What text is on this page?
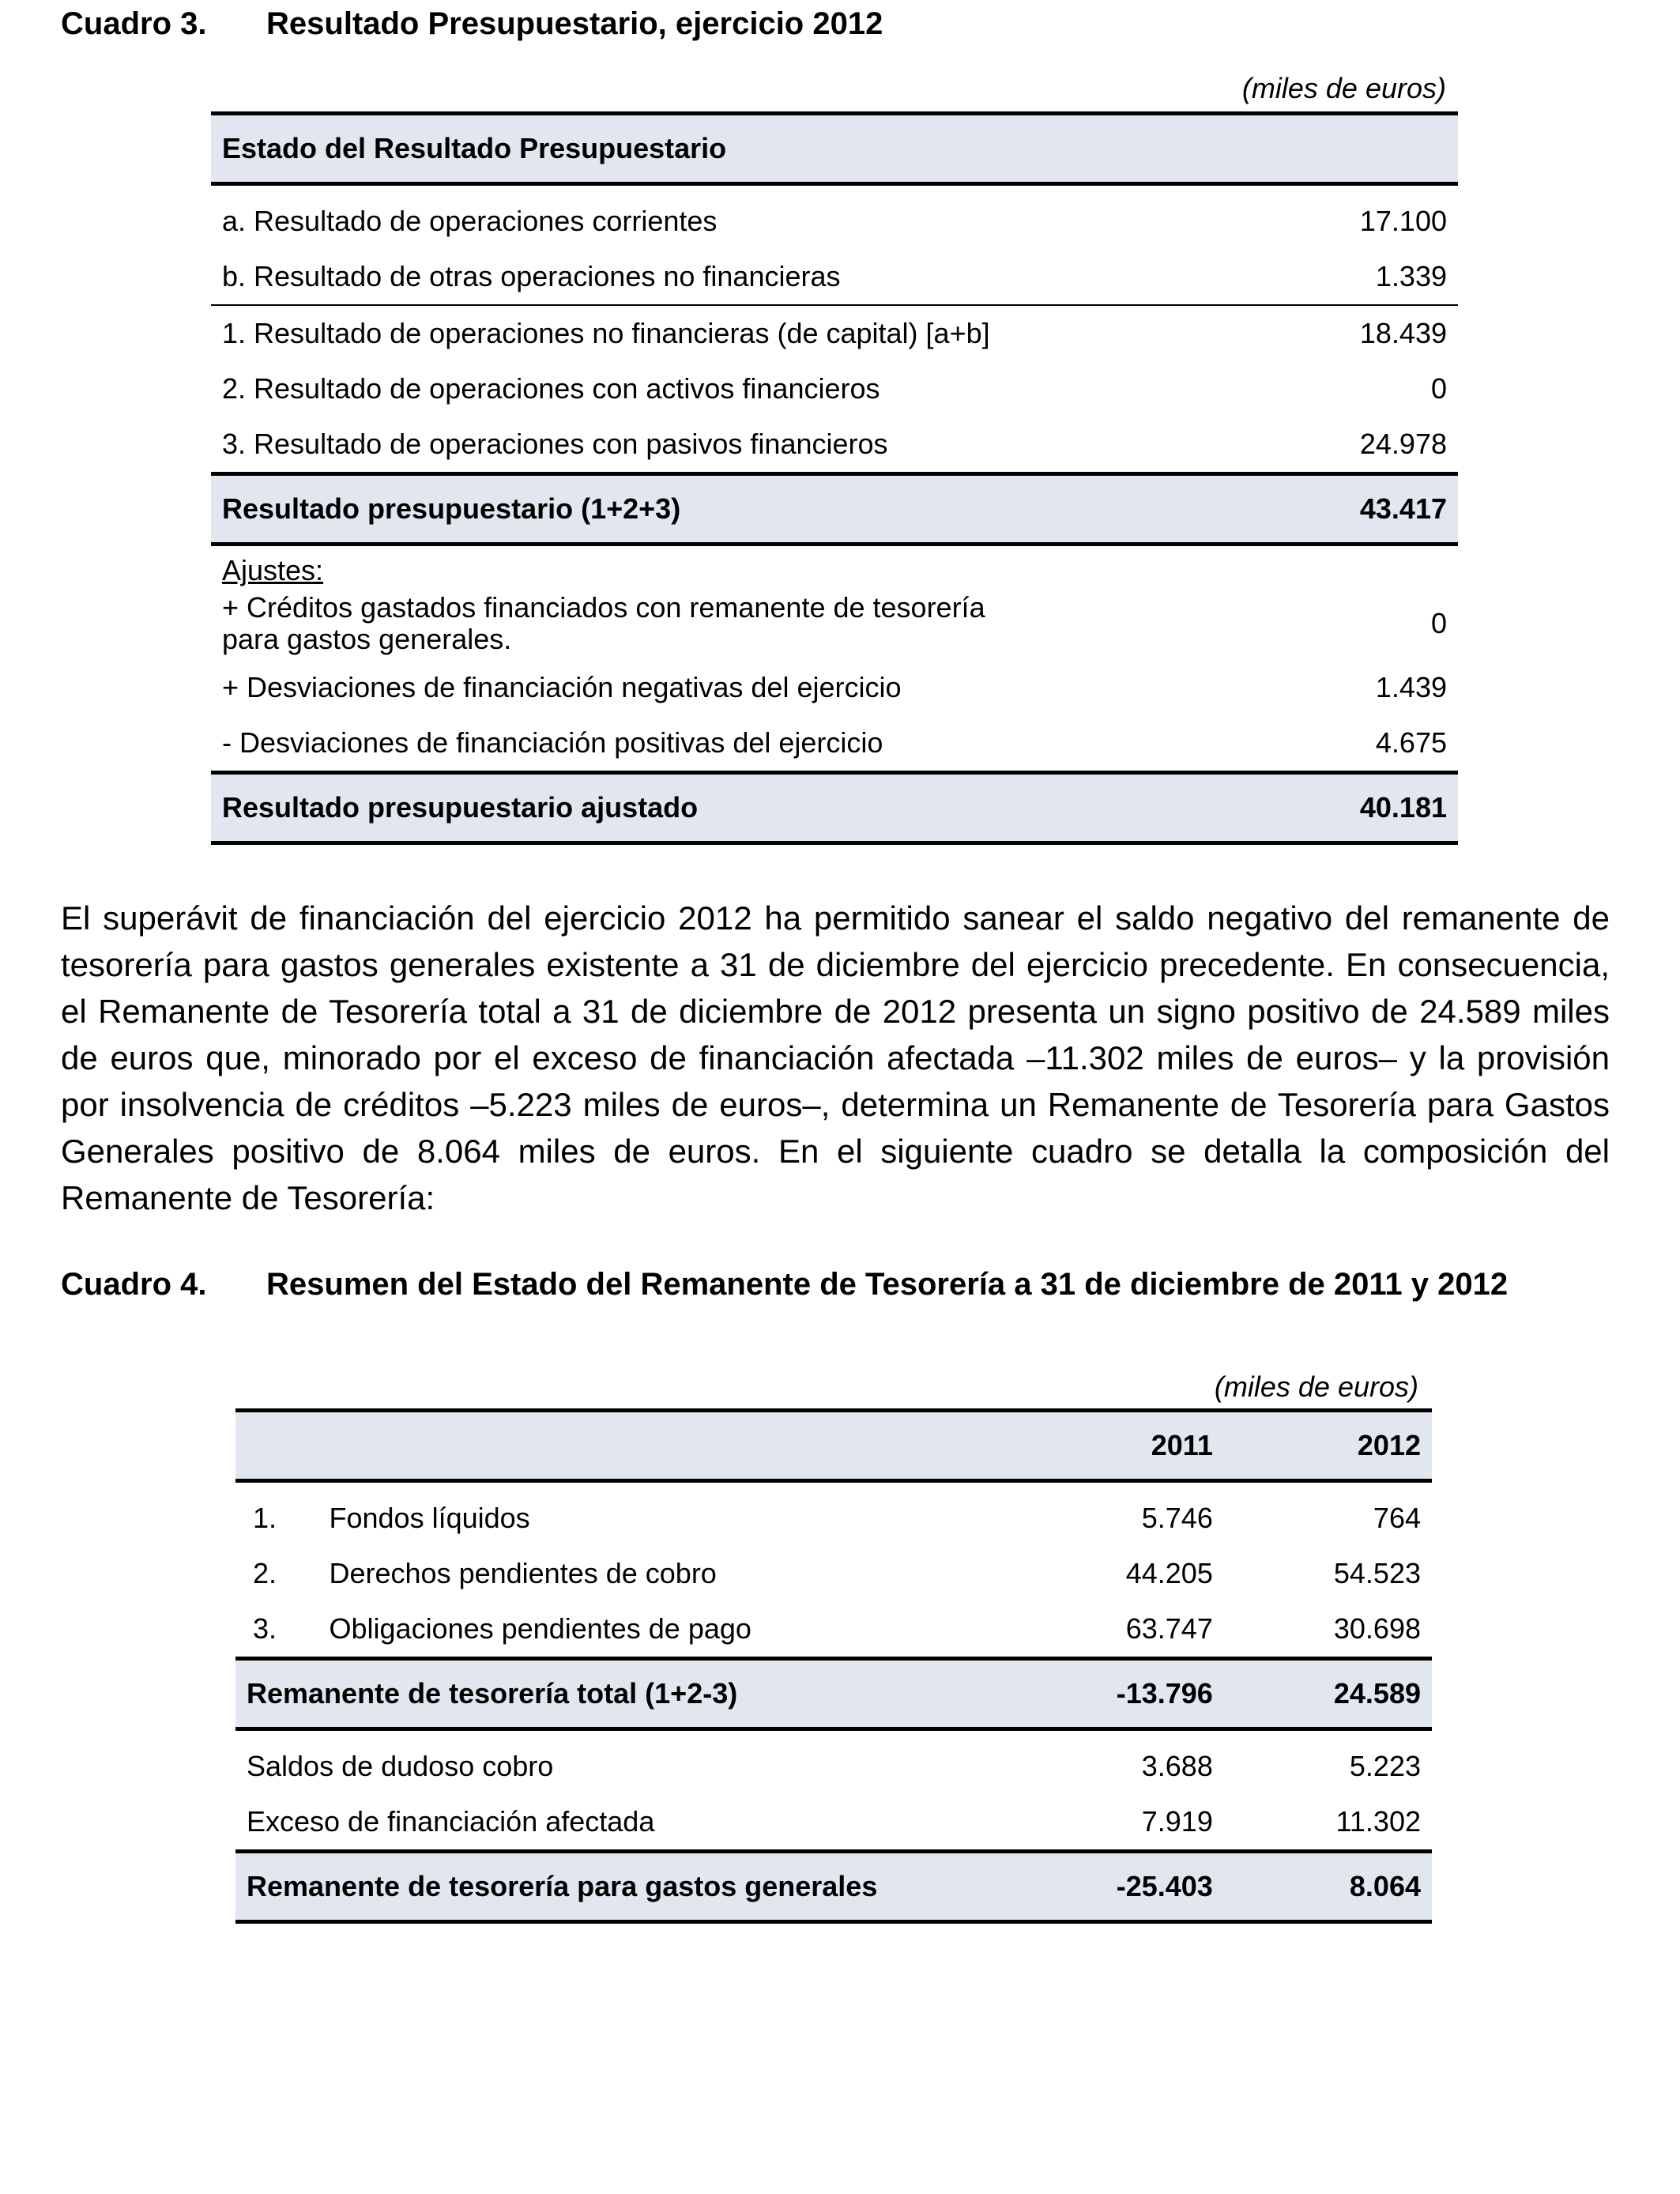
Cuadro 3. Resultado Presupuestario, ejercicio 2012
(miles de euros)
Estado del Resultado Presupuestario	
a. Resultado de operaciones corrientes	17.100
b. Resultado de otras operaciones no financieras	1.339
1. Resultado de operaciones no financieras (de capital) [a+b]	18.439
2. Resultado de operaciones con activos financieros	0
3. Resultado de operaciones con pasivos financieros	24.978
Resultado presupuestario (1+2+3)	43.417
Ajustes:	

+ Créditos gastados financiados con remanente de tesorería
para gastos generales.	0
+ Desviaciones de financiación negativas del ejercicio	1.439
- Desviaciones de financiación positivas del ejercicio	4.675
Resultado presupuestario ajustado	40.181
El superávit de financiación del ejercicio 2012 ha permitido sanear el saldo negativo del remanente de tesorería para gastos generales existente a 31 de diciembre del ejercicio precedente. En consecuencia, el Remanente de Tesorería total a 31 de diciembre de 2012 presenta un signo positivo de 24.589 miles de euros que, minorado por el exceso de financiación afectada –11.302 miles de euros– y la provisión por insolvencia de créditos –5.223 miles de euros–, determina un Remanente de Tesorería para Gastos Generales positivo de 8.064 miles de euros. En el siguiente cuadro se detalla la composición del Remanente de Tesorería:
Cuadro 4. Resumen del Estado del Remanente de Tesorería a 31 de diciembre de 2011 y 2012
(miles de euros)
		2011	2012
1.	Fondos líquidos	5.746	764
2.	Derechos pendientes de cobro	44.205	54.523
3.	Obligaciones pendientes de pago	63.747	30.698
Remanente de tesorería total (1+2-3)		-13.796	24.589
Saldos de dudoso cobro		3.688	5.223
Exceso de financiación afectada		7.919	11.302
Remanente de tesorería para gastos generales		-25.403	8.064
